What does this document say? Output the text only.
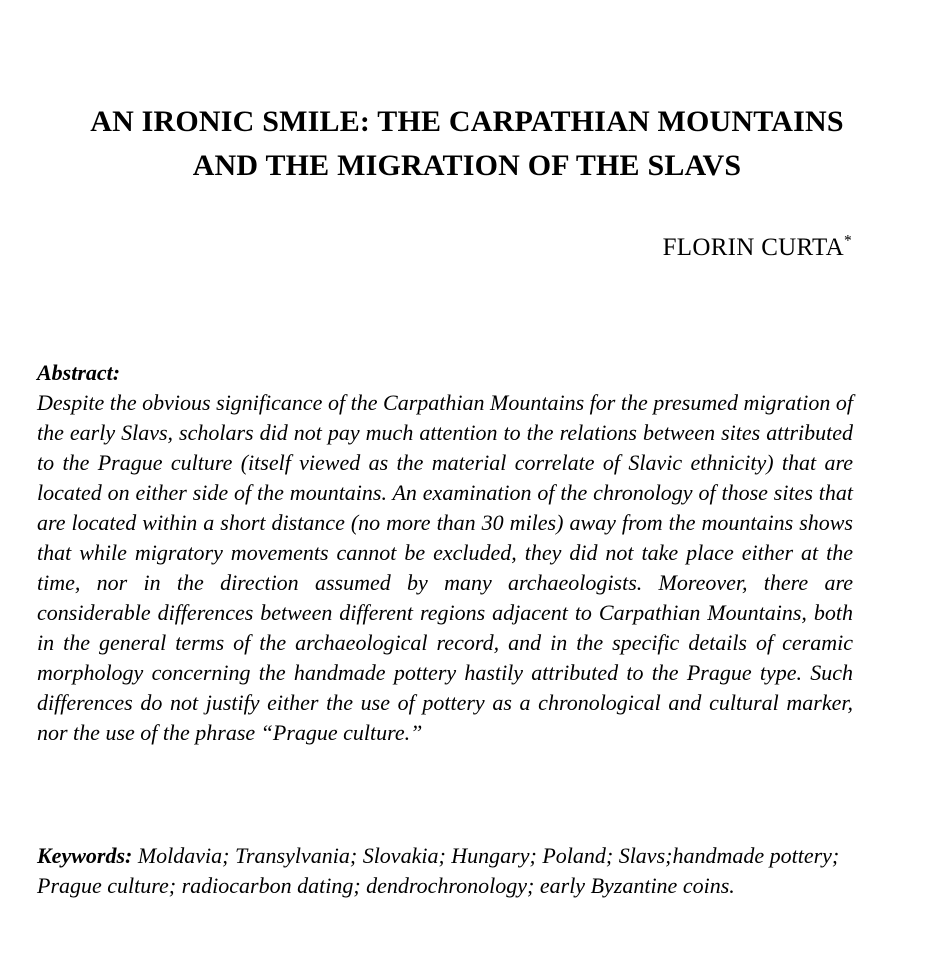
AN IRONIC SMILE: THE CARPATHIAN MOUNTAINS
AND THE MIGRATION OF THE SLAVS
FLORIN CURTA*
Abstract:
Despite the obvious significance of the Carpathian Mountains for the presumed migration of the early Slavs, scholars did not pay much attention to the relations between sites attributed to the Prague culture (itself viewed as the material correlate of Slavic ethnicity) that are located on either side of the mountains. An examination of the chronology of those sites that are located within a short distance (no more than 30 miles) away from the mountains shows that while migratory movements cannot be excluded, they did not take place either at the time, nor in the direction assumed by many archaeologists. Moreover, there are considerable differences between different regions adjacent to Carpathian Mountains, both in the general terms of the archaeological record, and in the specific details of ceramic morphology concerning the handmade pottery hastily attributed to the Prague type. Such differences do not justify either the use of pottery as a chronological and cultural marker, nor the use of the phrase “Prague culture.”
Keywords: Moldavia; Transylvania; Slovakia; Hungary; Poland; Slavs;handmade pottery; Prague culture; radiocarbon dating; dendrochronology; early Byzantine coins.
